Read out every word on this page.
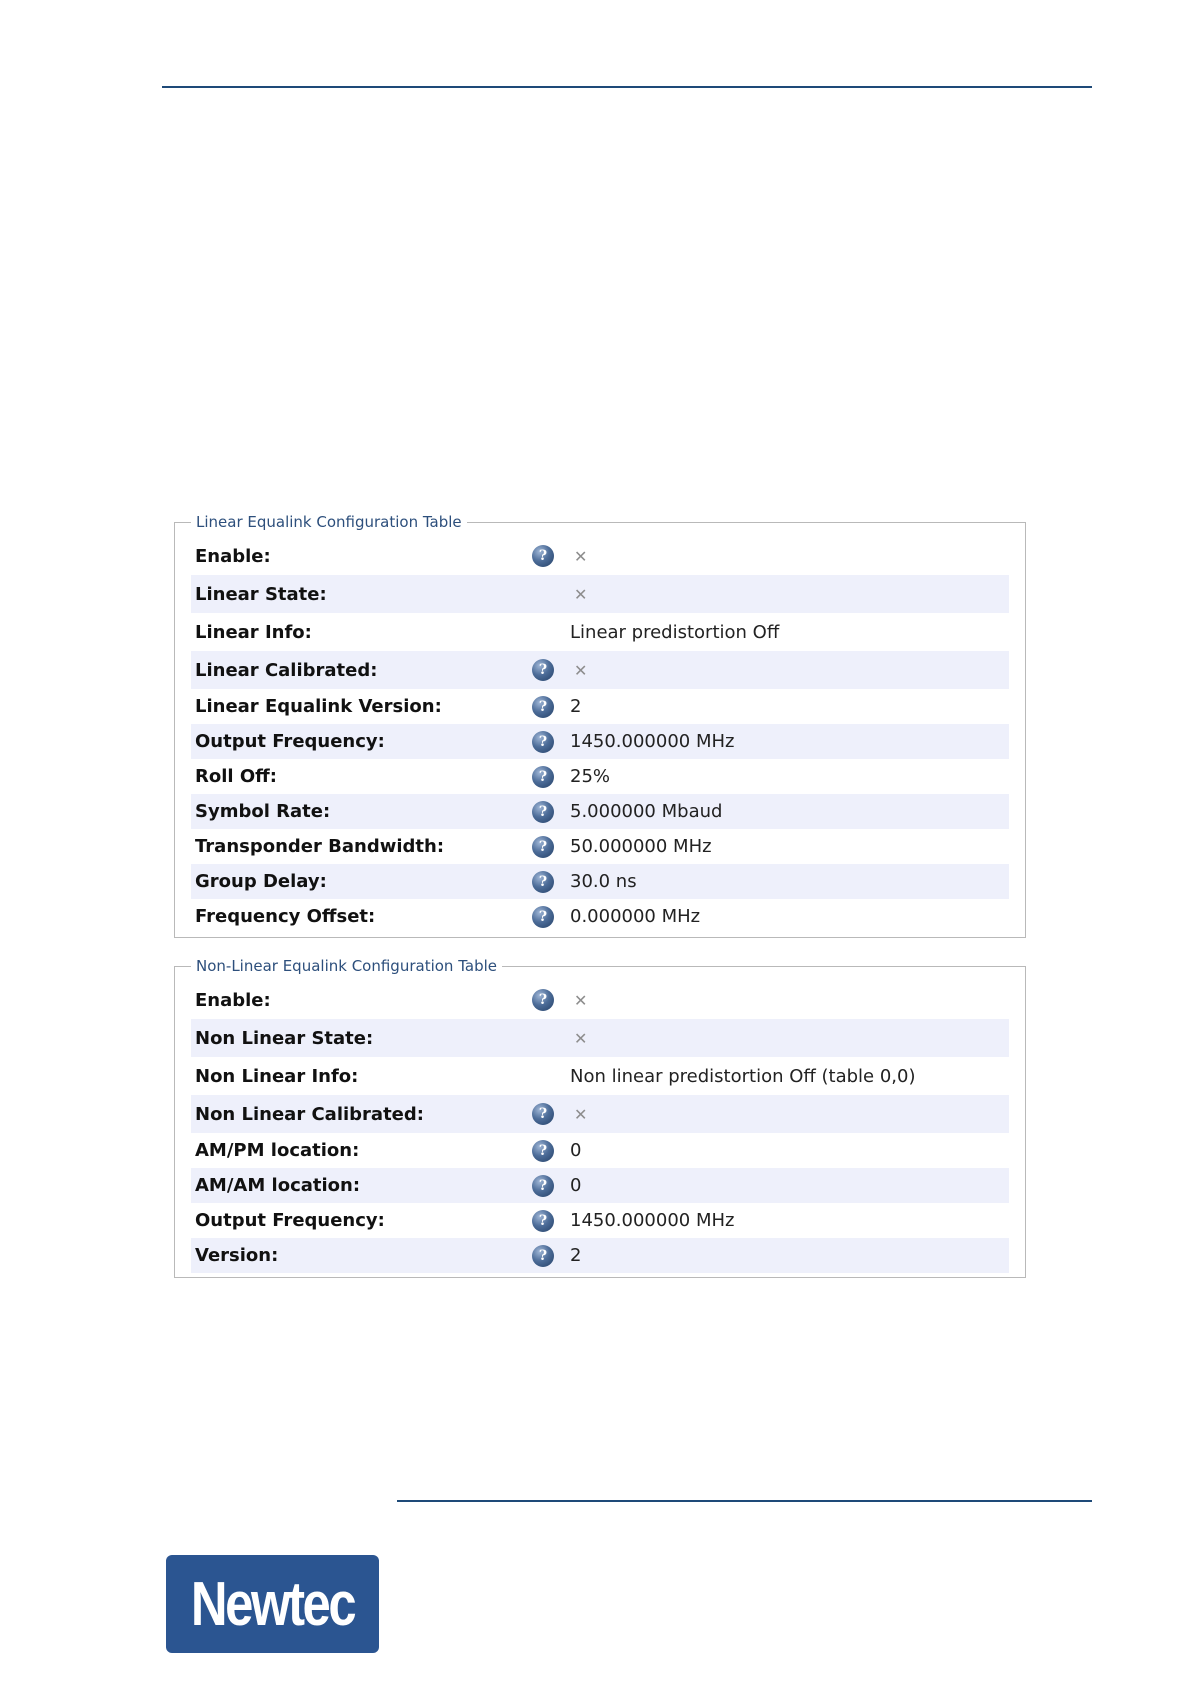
Linear Equalink Configuration Table
Enable:	?	✕
Linear State:	✕
Linear Info:	Linear predistortion Off
Linear Calibrated:	?	✕
Linear Equalink Version:	?	2
Output Frequency:	?	1450.000000 MHz
Roll Off:	?	25%
Symbol Rate:	?	5.000000 Mbaud
Transponder Bandwidth:	?	50.000000 MHz
Group Delay:	?	30.0 ns
Frequency Offset:	?	0.000000 MHz
Non-Linear Equalink Configuration Table
Enable:	?	✕
Non Linear State:	✕
Non Linear Info:	Non linear predistortion Off (table 0,0)
Non Linear Calibrated:	?	✕
AM/PM location:	?	0
AM/AM location:	?	0
Output Frequency:	?	1450.000000 MHz
Version:	?	2
Newtec
